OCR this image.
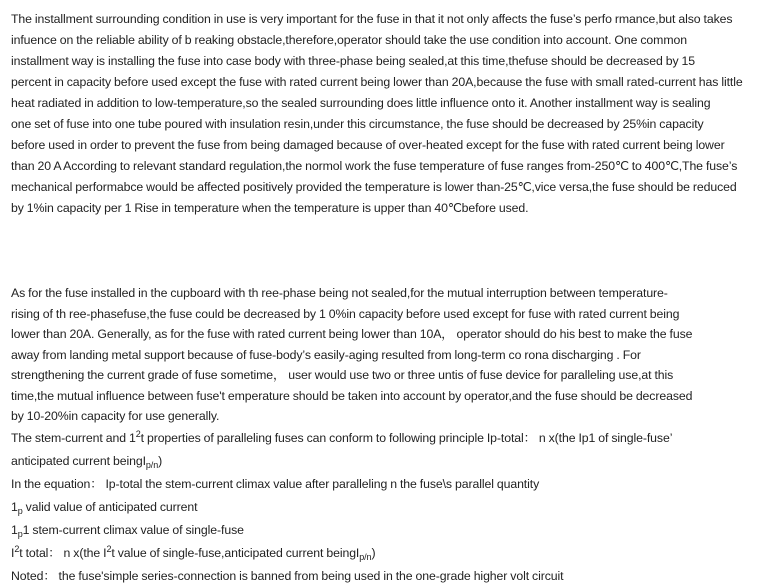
The installment surrounding condition in use is very important for the fuse in that it not only affects the fuse’s perfo rmance,but also takes
infuence on the reliable ability of b reaking obstacle,therefore,operator should take the use condition into account. One common
installment way is installing the fuse into case body with three-phase being sealed,at this time,thefuse should be decreased by 15
percent in capacity before used except the fuse with rated current being lower than 20A,because the fuse with small rated-current has little
heat radiated in addition to low-temperature,so the sealed surrounding does little influence onto it. Another installment way is sealing
one set of fuse into one tube poured with insulation resin,under this circumstance, the fuse should be decreased by 25%in capacity
before used in order to prevent the fuse from being damaged because of over-heated except for the fuse with rated current being lower
than 20 A According to relevant standard regulation,the normol work the fuse temperature of fuse ranges from-250℃ to 400℃,The fuse’s
mechanical performabce would be affected positively provided the temperature is lower than-25℃,vice versa,the fuse should be reduced
by 1%in capacity per 1 Rise in temperature when the temperature is upper than 40℃before used.
As for the fuse installed in the cupboard with th ree-phase being not sealed,for the mutual interruption between temperature-
rising of th ree-phasefuse,the fuse could be decreased by 1 0%in capacity before used except for fuse with rated current being
lower than 20A. Generally, as for the fuse with rated current being lower than 10A， operator should do his best to make the fuse
away from landing metal support because of fuse-body’s easily-aging resulted from long-term co rona discharging . For
strengthening the current grade of fuse sometime， user would use two or three untis of fuse device for paralleling use,at this
time,the mutual influence between fuse't emperature should be taken into account by operator,and the fuse should be decreased
by 10-20%in capacity for use generally.
The stem-current and $1^2t$ properties of paralleling fuses can conform to following principle Ip-total： n x(the Ip1 of single-fuse’
anticipated current beingI$_{p/n}$)
In the equation： Ip-total the stem-current climax value after paralleling n the fuse\s parallel quantity
$1_p$ valid value of anticipated current
$1_p1$ stem-current climax value of single-fuse
$I^2t$ total： n x(the $I^2t$ value of single-fuse,anticipated current beingI$_{p/n}$)
Noted： the fuse'simple series-connection is banned from being used in the one-grade higher volt circuit
